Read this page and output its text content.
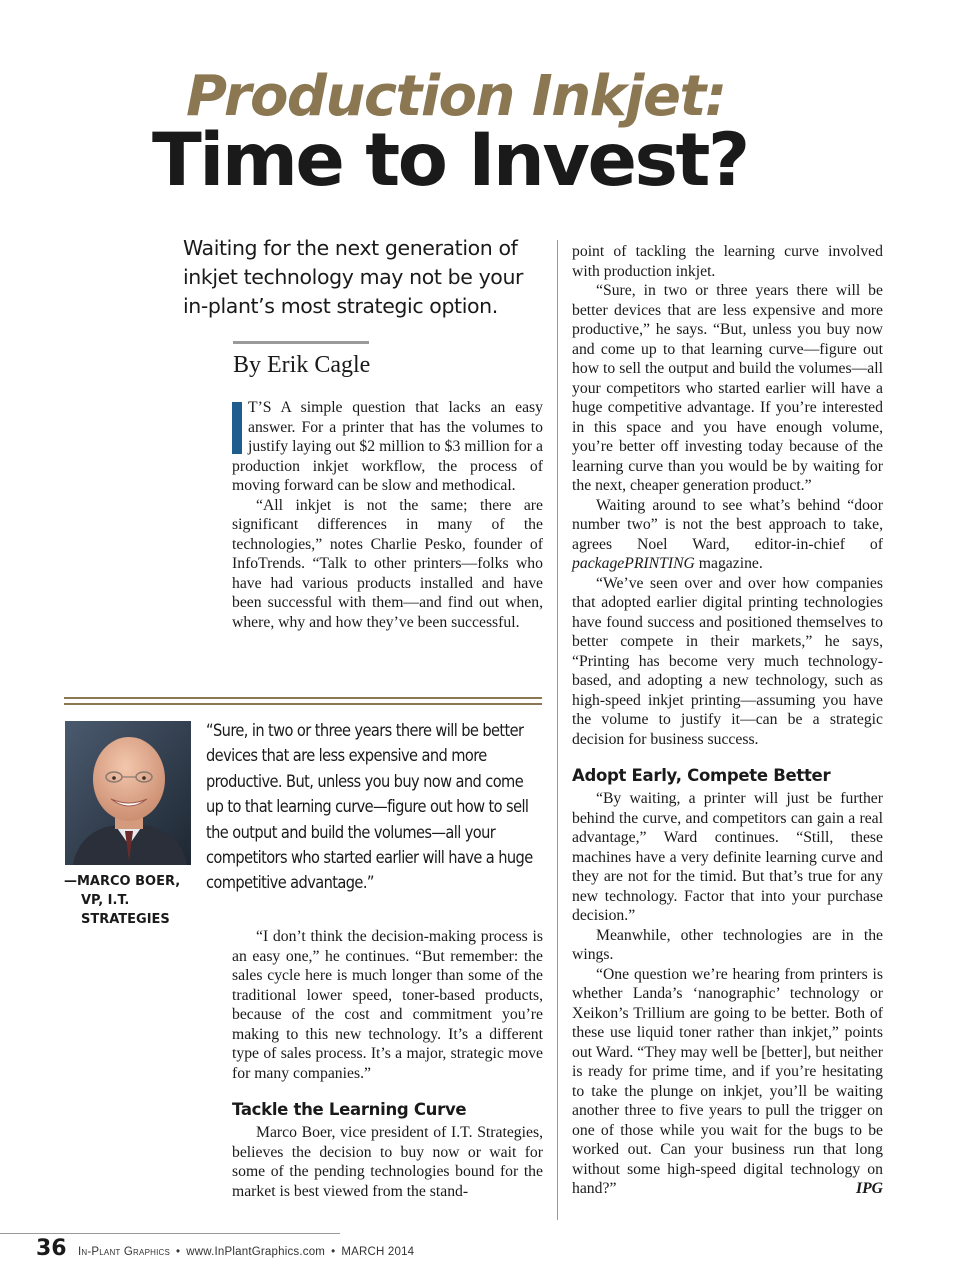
Production Inkjet:
Time to Invest?

Waiting for the next generation of inkjet technology may not be your in-plant’s most strategic option.

By Erik Cagle

T’S A simple question that lacks an easy answer. For a printer that has the volumes to justify laying out $2 million to $3 million for a production inkjet workflow, the process of moving forward can be slow and methodical.

“All inkjet is not the same; there are significant differences in many of the technologies,” notes Charlie Pesko, founder of InfoTrends. “Talk to other printers—folks who have had various products installed and have been successful with them—and find out when, where, why and how they’ve been successful.

“Sure, in two or three years there will be better devices that are less expensive and more productive. But, unless you buy now and come up to that learning curve—figure out how to sell the output and build the volumes—all your competitors who started earlier will have a huge competitive advantage.”

—MARCO BOER,
VP, I.T.
STRATEGIES

“I don’t think the decision-making process is an easy one,” he continues. “But remember: the sales cycle here is much longer than some of the traditional lower speed, toner-based products, because of the cost and commitment you’re making to this new technology. It’s a different type of sales process. It’s a major, strategic move for many companies.”

Tackle the Learning Curve

Marco Boer, vice president of I.T. Strategies, believes the decision to buy now or wait for some of the pending technologies bound for the market is best viewed from the stand-

point of tackling the learning curve involved with production inkjet.

“Sure, in two or three years there will be better devices that are less expensive and more productive,” he says. “But, unless you buy now and come up to that learning curve—figure out how to sell the output and build the volumes—all your competitors who started earlier will have a huge competitive advantage. If you’re interested in this space and you have enough volume, you’re better off investing today because of the learning curve than you would be by waiting for the next, cheaper generation product.”

Waiting around to see what’s behind “door number two” is not the best approach to take, agrees Noel Ward, editor-in-chief of packagePRINTING magazine.

“We’ve seen over and over how companies that adopted earlier digital printing technologies have found success and positioned themselves to better compete in their markets,” he says, “Printing has become very much technology-based, and adopting a new technology, such as high-speed inkjet printing—assuming you have the volume to justify it—can be a strategic decision for business success.

Adopt Early, Compete Better

“By waiting, a printer will just be further behind the curve, and competitors can gain a real advantage,” Ward continues. “Still, these machines have a very definite learning curve and they are not for the timid. But that’s true for any new technology. Factor that into your purchase decision.”

Meanwhile, other technologies are in the wings.

“One question we’re hearing from printers is whether Landa’s ‘nanographic’ technology or Xeikon’s Trillium are going to be better. Both of these use liquid toner rather than inkjet,” points out Ward. “They may well be [better], but neither is ready for prime time, and if you’re hesitating to take the plunge on inkjet, you’ll be waiting another three to five years to pull the trigger on one of those while you wait for the bugs to be worked out. Can your business run that long without some high-speed digital technology on hand?”	IPG

36 In-Plant Graphics • www.InPlantGraphics.com • MARCH 2014
